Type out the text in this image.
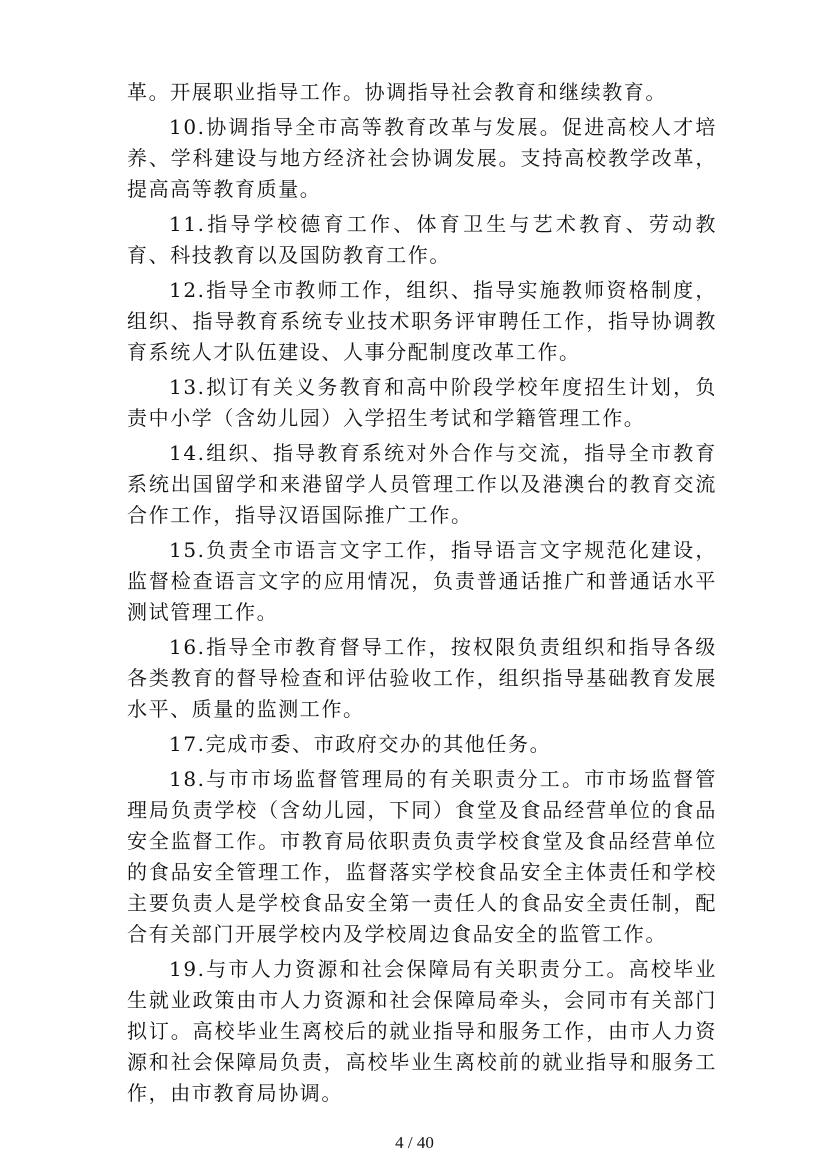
革。开展职业指导工作。协调指导社会教育和继续教育。

10.协调指导全市高等教育改革与发展。促进高校人才培养、学科建设与地方经济社会协调发展。支持高校教学改革，提高高等教育质量。

11.指导学校德育工作、体育卫生与艺术教育、劳动教育、科技教育以及国防教育工作。

12.指导全市教师工作，组织、指导实施教师资格制度，组织、指导教育系统专业技术职务评审聘任工作，指导协调教育系统人才队伍建设、人事分配制度改革工作。

13.拟订有关义务教育和高中阶段学校年度招生计划，负责中小学（含幼儿园）入学招生考试和学籍管理工作。

14.组织、指导教育系统对外合作与交流，指导全市教育系统出国留学和来港留学人员管理工作以及港澳台的教育交流合作工作，指导汉语国际推广工作。

15.负责全市语言文字工作，指导语言文字规范化建设，监督检查语言文字的应用情况，负责普通话推广和普通话水平测试管理工作。

16.指导全市教育督导工作，按权限负责组织和指导各级各类教育的督导检查和评估验收工作，组织指导基础教育发展水平、质量的监测工作。

17.完成市委、市政府交办的其他任务。

18.与市市场监督管理局的有关职责分工。市市场监督管理局负责学校（含幼儿园，下同）食堂及食品经营单位的食品安全监督工作。市教育局依职责负责学校食堂及食品经营单位的食品安全管理工作，监督落实学校食品安全主体责任和学校主要负责人是学校食品安全第一责任人的食品安全责任制，配合有关部门开展学校内及学校周边食品安全的监管工作。

19.与市人力资源和社会保障局有关职责分工。高校毕业生就业政策由市人力资源和社会保障局牵头，会同市有关部门拟订。高校毕业生离校后的就业指导和服务工作，由市人力资源和社会保障局负责，高校毕业生离校前的就业指导和服务工作，由市教育局协调。

4 / 40
